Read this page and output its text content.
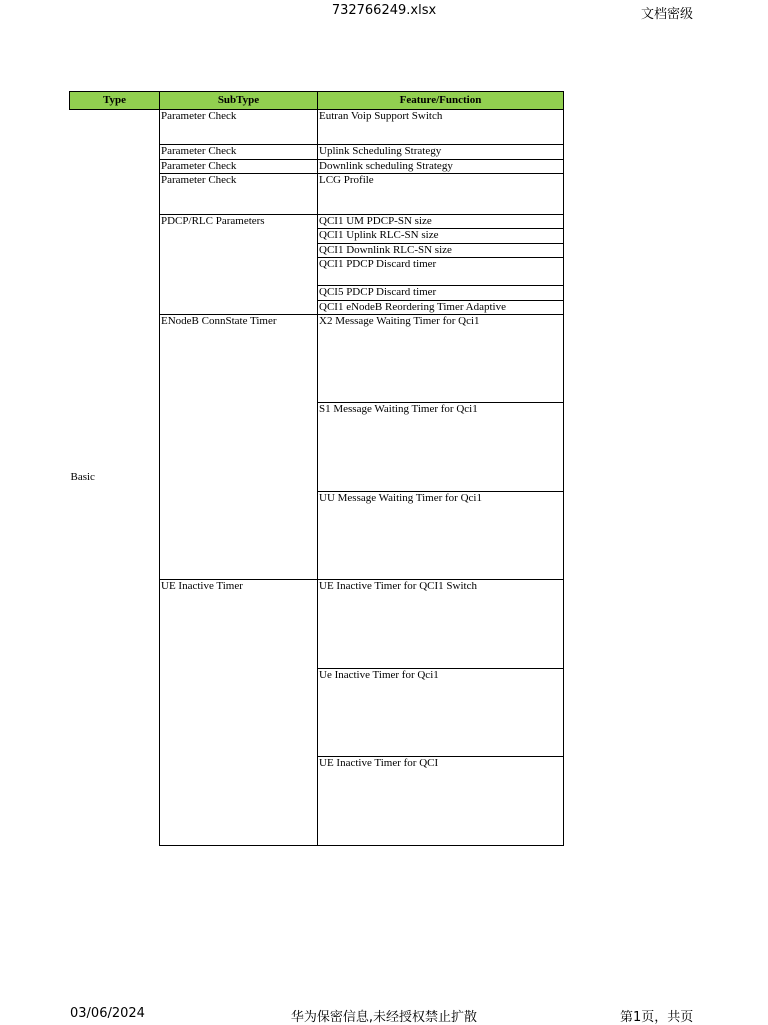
732766249.xlsx	文档密级
Type	SubType	Feature/Function
Basic	Parameter Check	Eutran Voip Support Switch
	Parameter Check	Uplink Scheduling Strategy
	Parameter Check	Downlink scheduling Strategy
	Parameter Check	LCG Profile
	PDCP/RLC Parameters	QCI1 UM PDCP-SN size
		QCI1 Uplink RLC-SN size
		QCI1 Downlink RLC-SN size
		QCI1 PDCP Discard timer
		QCI5 PDCP Discard timer
		QCI1 eNodeB Reordering Timer Adaptive
	ENodeB ConnState Timer	X2 Message Waiting Timer for Qci1
		S1 Message Waiting Timer for Qci1
		UU Message Waiting Timer for Qci1
	UE Inactive Timer	UE Inactive Timer for QCI1 Switch
		Ue Inactive Timer for Qci1
		UE Inactive Timer for QCI
03/06/2024	华为保密信息,未经授权禁止扩散	第1页，共页
